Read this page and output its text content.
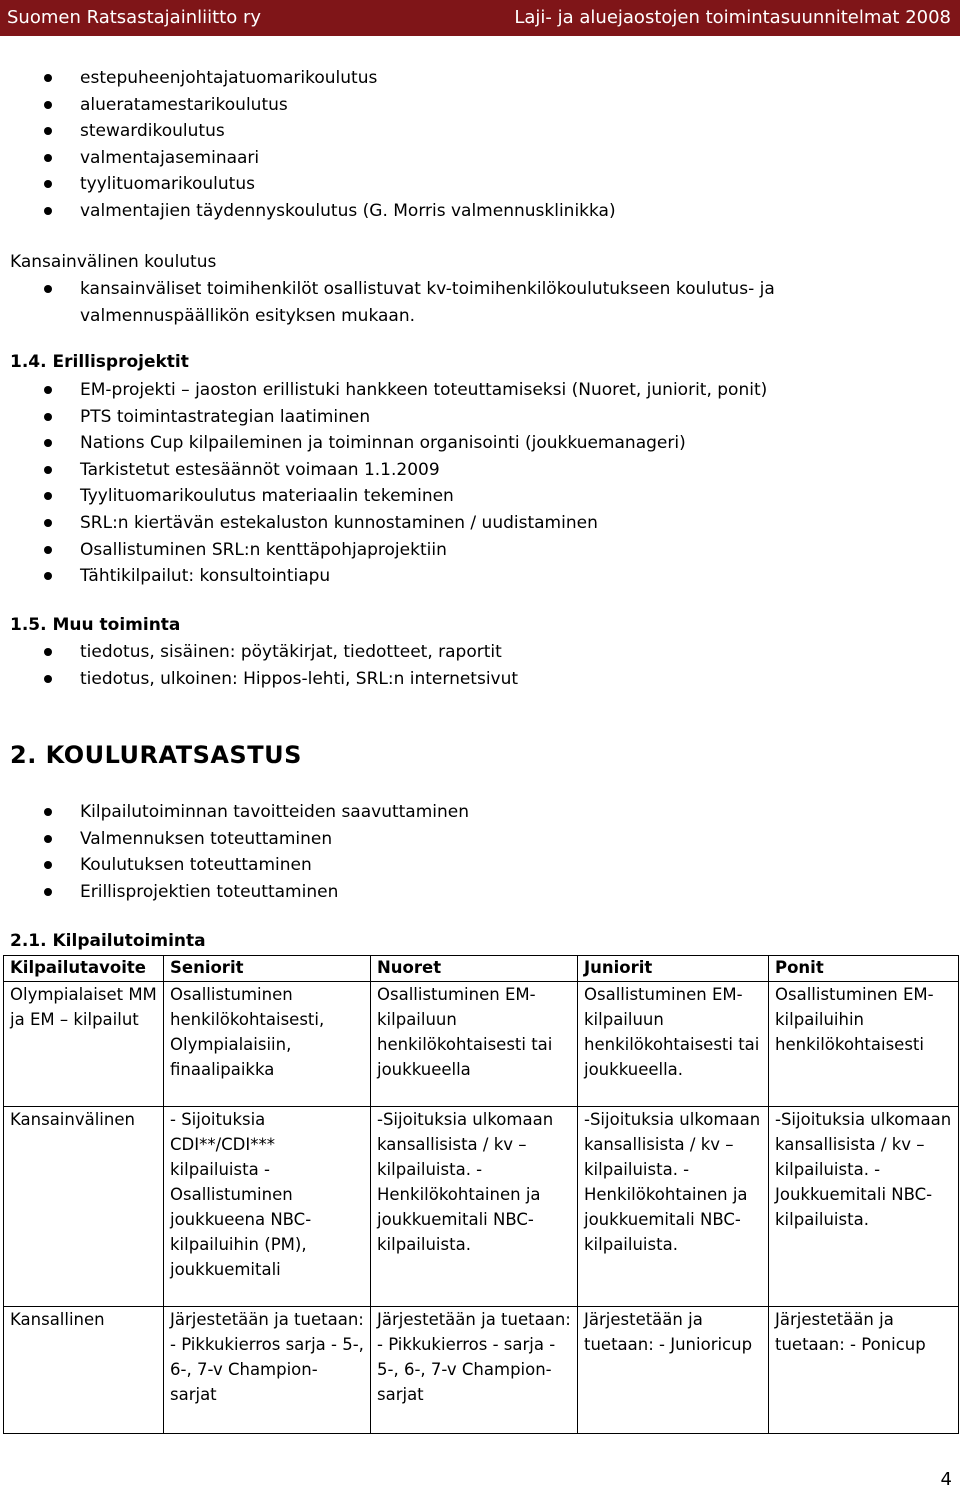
Suomen Ratsastajainliitto ry	Laji- ja aluejaostojen toimintasuunnitelmat 2008
estepuheenjohtajatuomarikoulutus
alueratamestarikoulutus
stewardikoulutus
valmentajaseminaari
tyylituomarikoulutus
valmentajien täydennyskoulutus (G. Morris valmennusklinikka)
Kansainvälinen koulutus
kansainväliset toimihenkilöt osallistuvat kv-toimihenkilökoulutukseen koulutus- ja valmennuspäällikön esityksen mukaan.
1.4. Erillisprojektit
EM-projekti – jaoston erillistuki hankkeen toteuttamiseksi (Nuoret, juniorit, ponit)
PTS toimintastrategian laatiminen
Nations Cup kilpaileminen ja toiminnan organisointi (joukkuemanageri)
Tarkistetut estesäännöt voimaan 1.1.2009
Tyylituomarikoulutus materiaalin tekeminen
SRL:n kiertävän estekaluston kunnostaminen / uudistaminen
Osallistuminen SRL:n kenttäpohjaprojektiin
Tähtikilpailut: konsultointiapu
1.5. Muu toiminta
tiedotus, sisäinen: pöytäkirjat, tiedotteet, raportit
tiedotus, ulkoinen: Hippos-lehti, SRL:n internetsivut
2. KOULURATSASTUS
Kilpailutoiminnan tavoitteiden saavuttaminen
Valmennuksen toteuttaminen
Koulutuksen toteuttaminen
Erillisprojektien toteuttaminen
2.1. Kilpailutoiminta
Kilpailutavoite	Seniorit	Nuoret	Juniorit	Ponit
Olympialaiset MM ja EM – kilpailut	Osallistuminen henkilökohtaisesti, Olympialaisiin, finaalipaikka	Osallistuminen EM-kilpailuun henkilökohtaisesti tai joukkueella	Osallistuminen EM-kilpailuun henkilökohtaisesti tai joukkueella.	Osallistuminen EM-kilpailuihin henkilökohtaisesti
Kansainvälinen	- Sijoituksia CDI**/CDI*** kilpailuista -Osallistuminen joukkueena NBC-kilpailuihin (PM), joukkuemitali	-Sijoituksia ulkomaan kansallisista / kv – kilpailuista. -Henkilökohtainen ja joukkuemitali NBC-kilpailuista.	-Sijoituksia ulkomaan kansallisista / kv – kilpailuista. - Henkilökohtainen ja joukkuemitali NBC-kilpailuista.	-Sijoituksia ulkomaan kansallisista / kv – kilpailuista. -Joukkuemitali NBC-kilpailuista.
Kansallinen	Järjestetään ja tuetaan: - Pikkukierros sarja - 5-, 6-, 7-v Champion-sarjat	Järjestetään ja tuetaan: - Pikkukierros - sarja - 5-, 6-, 7-v Champion-sarjat	Järjestetään ja tuetaan: - Junioricup	Järjestetään ja tuetaan: - Ponicup
4
